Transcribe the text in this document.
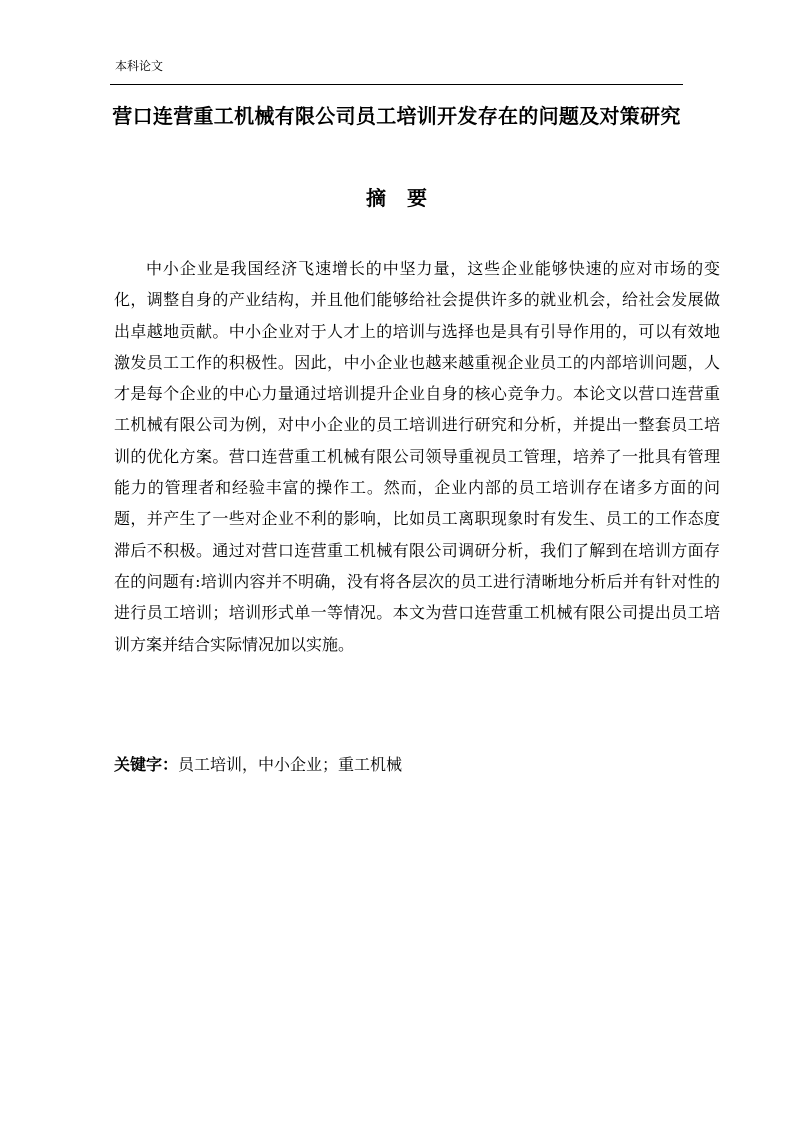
本科论文
营口连营重工机械有限公司员工培训开发存在的问题及对策研究
摘 要

中小企业是我国经济飞速增长的中坚力量，这些企业能够快速的应对市场的变化，调整自身的产业结构，并且他们能够给社会提供许多的就业机会，给社会发展做出卓越地贡献。中小企业对于人才上的培训与选择也是具有引导作用的，可以有效地激发员工工作的积极性。因此，中小企业也越来越重视企业员工的内部培训问题，人才是每个企业的中心力量通过培训提升企业自身的核心竞争力。本论文以营口连营重工机械有限公司为例，对中小企业的员工培训进行研究和分析，并提出一整套员工培训的优化方案。营口连营重工机械有限公司领导重视员工管理，培养了一批具有管理能力的管理者和经验丰富的操作工。然而，企业内部的员工培训存在诸多方面的问题，并产生了一些对企业不利的影响，比如员工离职现象时有发生、员工的工作态度滞后不积极。通过对营口连营重工机械有限公司调研分析，我们了解到在培训方面存在的问题有:培训内容并不明确，没有将各层次的员工进行清晰地分析后并有针对性的进行员工培训；培训形式单一等情况。本文为营口连营重工机械有限公司提出员工培训方案并结合实际情况加以实施。

关键字：员工培训，中小企业；重工机械
